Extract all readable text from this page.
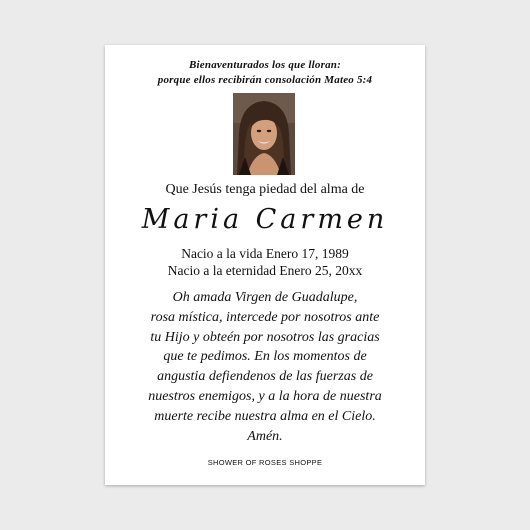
Bienaventurados los que lloran:
porque ellos recibirán consolación Mateo 5:4
Que Jesús tenga piedad del alma de
Maria Carmen
Nacio a la vida Enero 17, 1989
Nacio a la eternidad Enero 25, 20xx
Oh amada Virgen de Guadalupe,
rosa mística, intercede por nosotros ante
tu Hijo y obteén por nosotros las gracias
que te pedimos. En los momentos de
angustia defiendenos de las fuerzas de
nuestros enemigos, y a la hora de nuestra
muerte recibe nuestra alma en el Cielo.
Amén.
SHOWER OF ROSES SHOPPE
